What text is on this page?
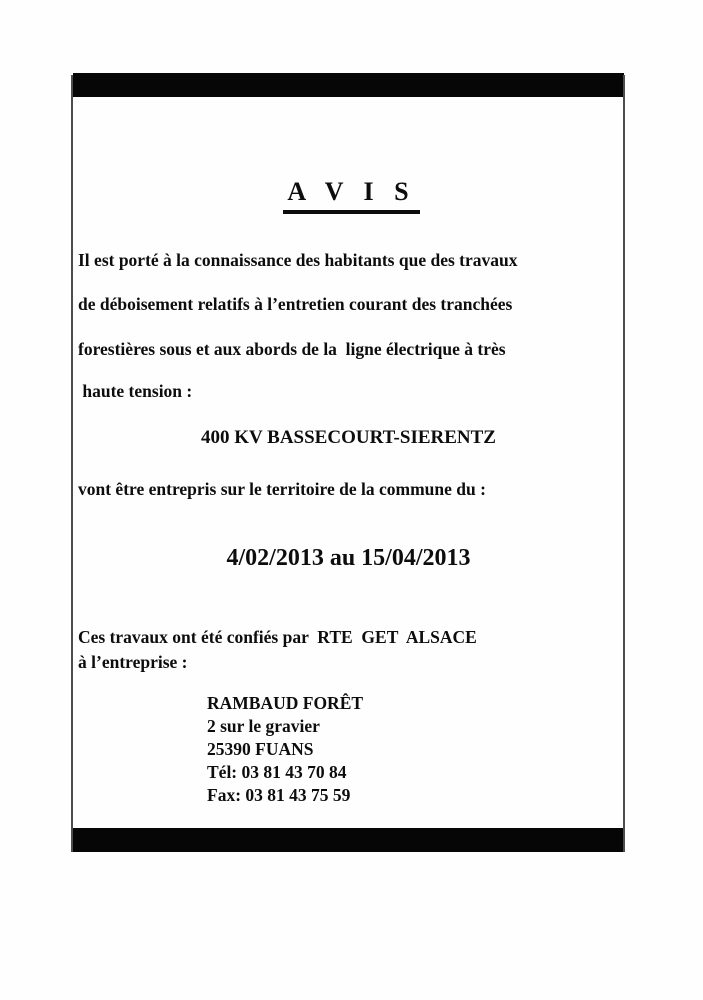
A V I S

Il est porté à la connaissance des habitants que des travaux
de déboisement relatifs à l’entretien courant des tranchées
forestières sous et aux abords de la  ligne électrique à très
haute tension :
400 KV BASSECOURT-SIERENTZ
vont être entrepris sur le territoire de la commune du :
4/02/2013 au 15/04/2013
Ces travaux ont été confiés par  RTE  GET  ALSACE
à l’entreprise :
RAMBAUD FORÊT
2 sur le gravier
25390 FUANS
Tél: 03 81 43 70 84
Fax: 03 81 43 75 59
